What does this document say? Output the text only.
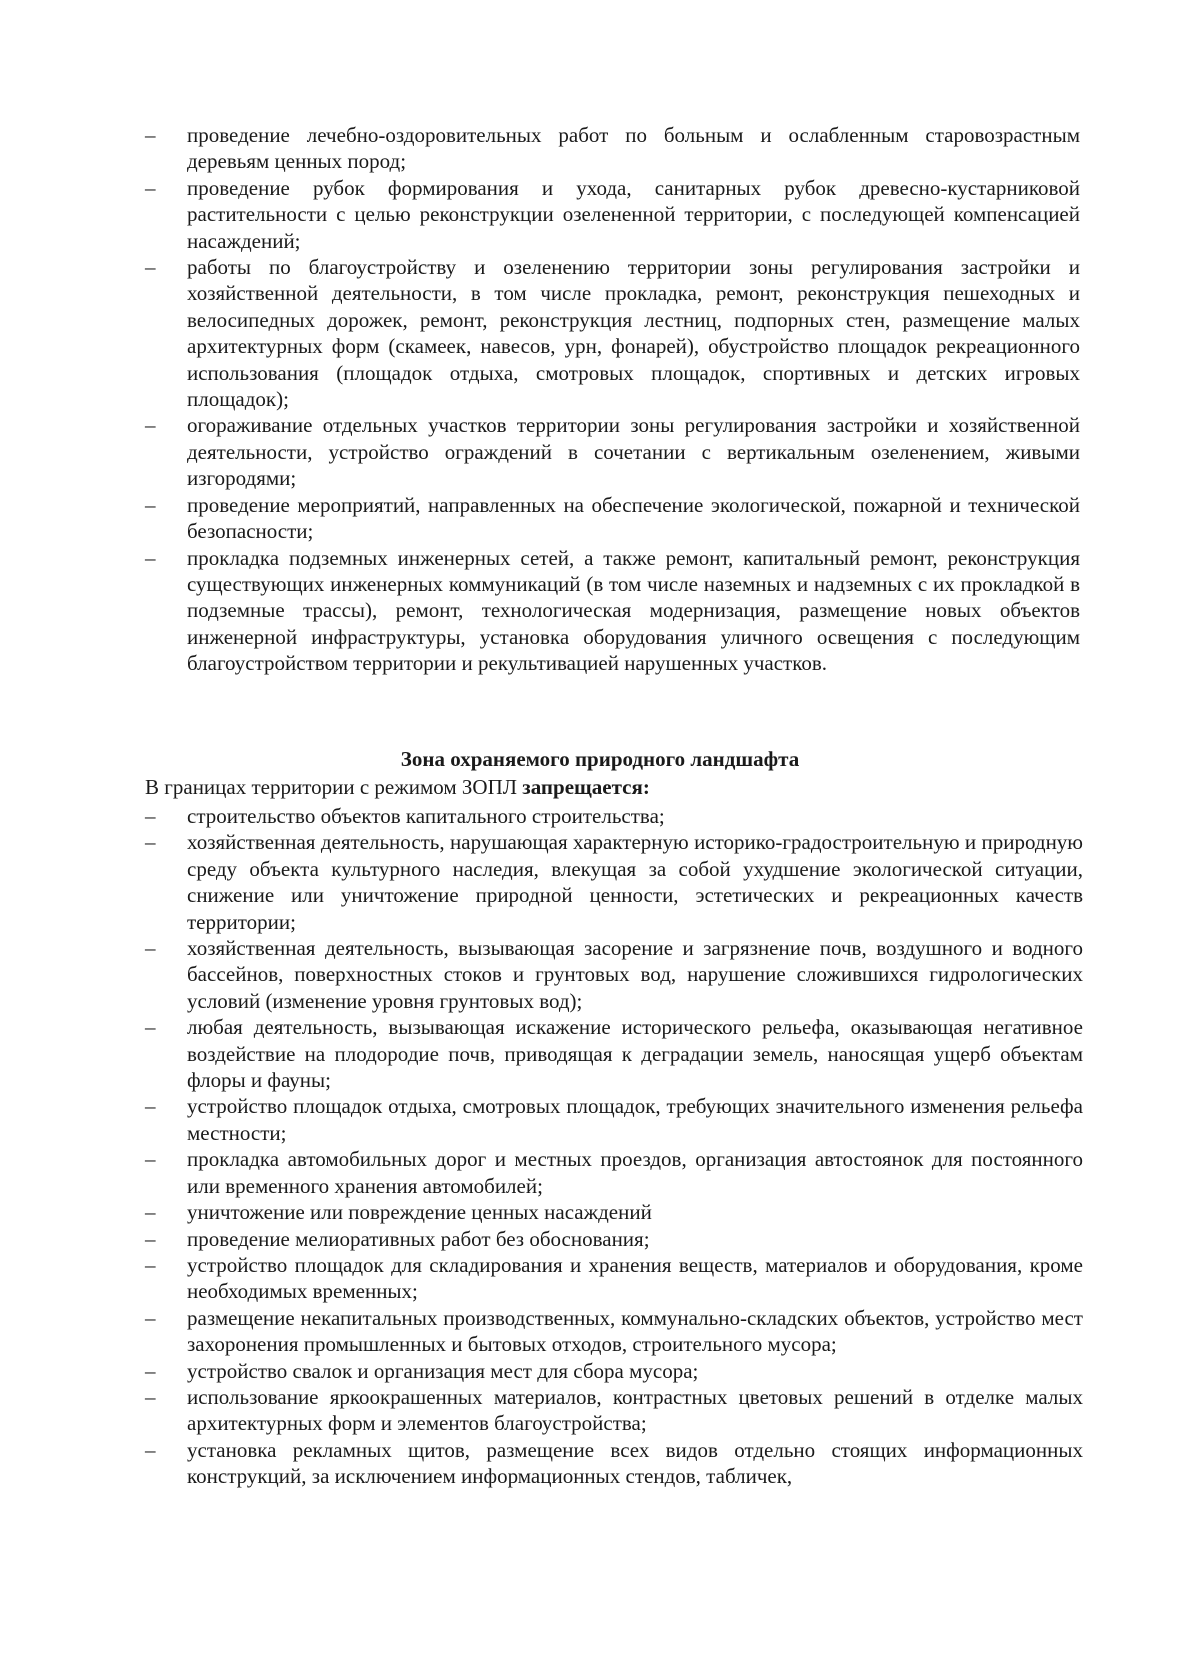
–	проведение лечебно-оздоровительных работ по больным и ослабленным старовозрастным деревьям ценных пород;
–	проведение рубок формирования и ухода, санитарных рубок древесно-кустарниковой растительности с целью реконструкции озелененной территории, с последующей компенсацией насаждений;
–	работы по благоустройству и озеленению территории зоны регулирования застройки и хозяйственной деятельности, в том числе прокладка, ремонт, реконструкция пешеходных и велосипедных дорожек, ремонт, реконструкция лестниц, подпорных стен, размещение малых архитектурных форм (скамеек, навесов, урн, фонарей), обустройство площадок рекреационного использования (площадок отдыха, смотровых площадок, спортивных и детских игровых площадок);
–	огораживание отдельных участков территории зоны регулирования застройки и хозяйственной деятельности, устройство ограждений в сочетании с вертикальным озеленением, живыми изгородями;
–	проведение мероприятий, направленных на обеспечение экологической, пожарной и технической безопасности;
–	прокладка подземных инженерных сетей, а также ремонт, капитальный ремонт, реконструкция существующих инженерных коммуникаций (в том числе наземных и надземных с их прокладкой в подземные трассы), ремонт, технологическая модернизация, размещение новых объектов инженерной инфраструктуры, установка оборудования уличного освещения с последующим благоустройством территории и рекультивацией нарушенных участков.
Зона охраняемого природного ландшафта

В границах территории с режимом ЗОПЛ запрещается:

–	строительство объектов капитального строительства;
–	хозяйственная деятельность, нарушающая характерную историко-градостроительную и природную среду объекта культурного наследия, влекущая за собой ухудшение экологической ситуации, снижение или уничтожение природной ценности, эстетических и рекреационных качеств территории;
–	хозяйственная деятельность, вызывающая засорение и загрязнение почв, воздушного и водного бассейнов, поверхностных стоков и грунтовых вод, нарушение сложившихся гидрологических условий (изменение уровня грунтовых вод);
–	любая деятельность, вызывающая искажение исторического рельефа, оказывающая негативное воздействие на плодородие почв, приводящая к деградации земель, наносящая ущерб объектам флоры и фауны;
–	устройство площадок отдыха, смотровых площадок, требующих значительного изменения рельефа местности;
–	прокладка автомобильных дорог и местных проездов, организация автостоянок для постоянного или временного хранения автомобилей;
–	уничтожение или повреждение ценных насаждений
–	проведение мелиоративных работ без обоснования;
–	устройство площадок для складирования и хранения веществ, материалов и оборудования, кроме необходимых временных;
–	размещение некапитальных производственных, коммунально-складских объектов, устройство мест захоронения промышленных и бытовых отходов, строительного мусора;
–	устройство свалок и организация мест для сбора мусора;
–	использование яркоокрашенных материалов, контрастных цветовых решений в отделке малых архитектурных форм и элементов благоустройства;
–	установка рекламных щитов, размещение всех видов отдельно стоящих информационных конструкций, за исключением информационных стендов, табличек,
